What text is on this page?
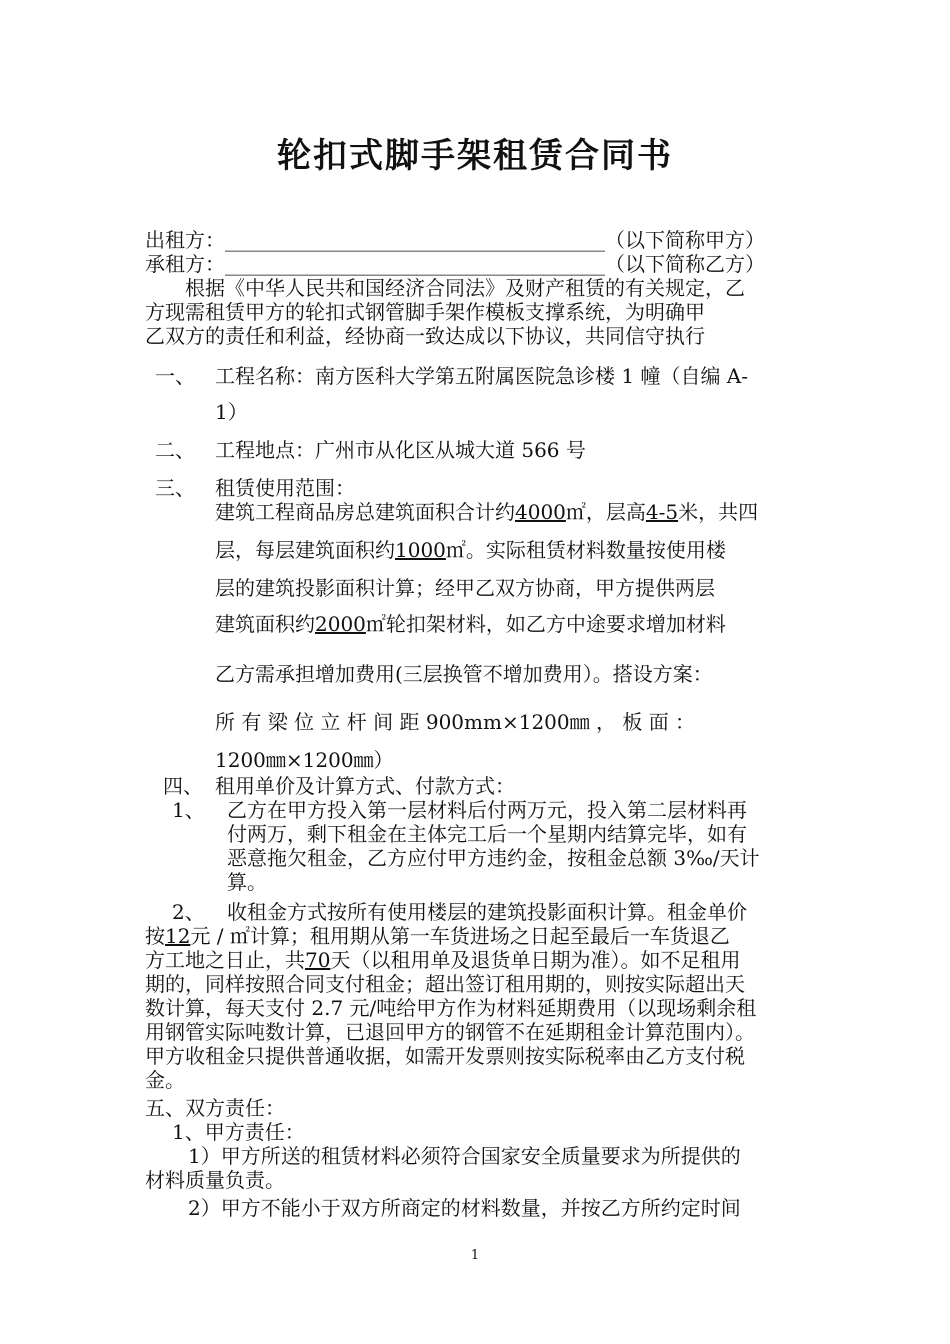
轮扣式脚手架租赁合同书
出租方：______________________________________（以下简称甲方）
承租方：______________________________________（以下简称乙方）
根据《中华人民共和国经济合同法》及财产租赁的有关规定，乙
方现需租赁甲方的轮扣式钢管脚手架作模板支撑系统，为明确甲
乙双方的责任和利益，经协商一致达成以下协议，共同信守执行
一、 工程名称：南方医科大学第五附属医院急诊楼 1 幢（自编 A-
1）
二、 工程地点：广州市从化区从城大道 566 号
三、 租赁使用范围：
建筑工程商品房总建筑面积合计约4000㎡，层高4-5米，共四
层，每层建筑面积约1000㎡。实际租赁材料数量按使用楼
层的建筑投影面积计算；经甲乙双方协商，甲方提供两层
建筑面积约2000㎡轮扣架材料，如乙方中途要求增加材料
乙方需承担增加费用(三层换管不增加费用）。搭设方案：
所 有 梁 位 立 杆 间 距 900mm×1200㎜ ， 板 面 ：
1200㎜×1200㎜）
四、 租用单价及计算方式、付款方式：
1、 乙方在甲方投入第一层材料后付两万元，投入第二层材料再
付两万，剩下租金在主体完工后一个星期内结算完毕，如有
恶意拖欠租金，乙方应付甲方违约金，按租金总额 3‰/天计
算。
2、 收租金方式按所有使用楼层的建筑投影面积计算。租金单价
按12元 / ㎡计算；租用期从第一车货进场之日起至最后一车货退乙
方工地之日止，共70天（以租用单及退货单日期为准）。如不足租用
期的，同样按照合同支付租金；超出签订租用期的，则按实际超出天
数计算，每天支付 2.7 元/吨给甲方作为材料延期费用（以现场剩余租
用钢管实际吨数计算，已退回甲方的钢管不在延期租金计算范围内）。
甲方收租金只提供普通收据，如需开发票则按实际税率由乙方支付税
金。
五、双方责任：
1、甲方责任：
1）甲方所送的租赁材料必须符合国家安全质量要求为所提供的
材料质量负责。
2）甲方不能小于双方所商定的材料数量，并按乙方所约定时间
1
